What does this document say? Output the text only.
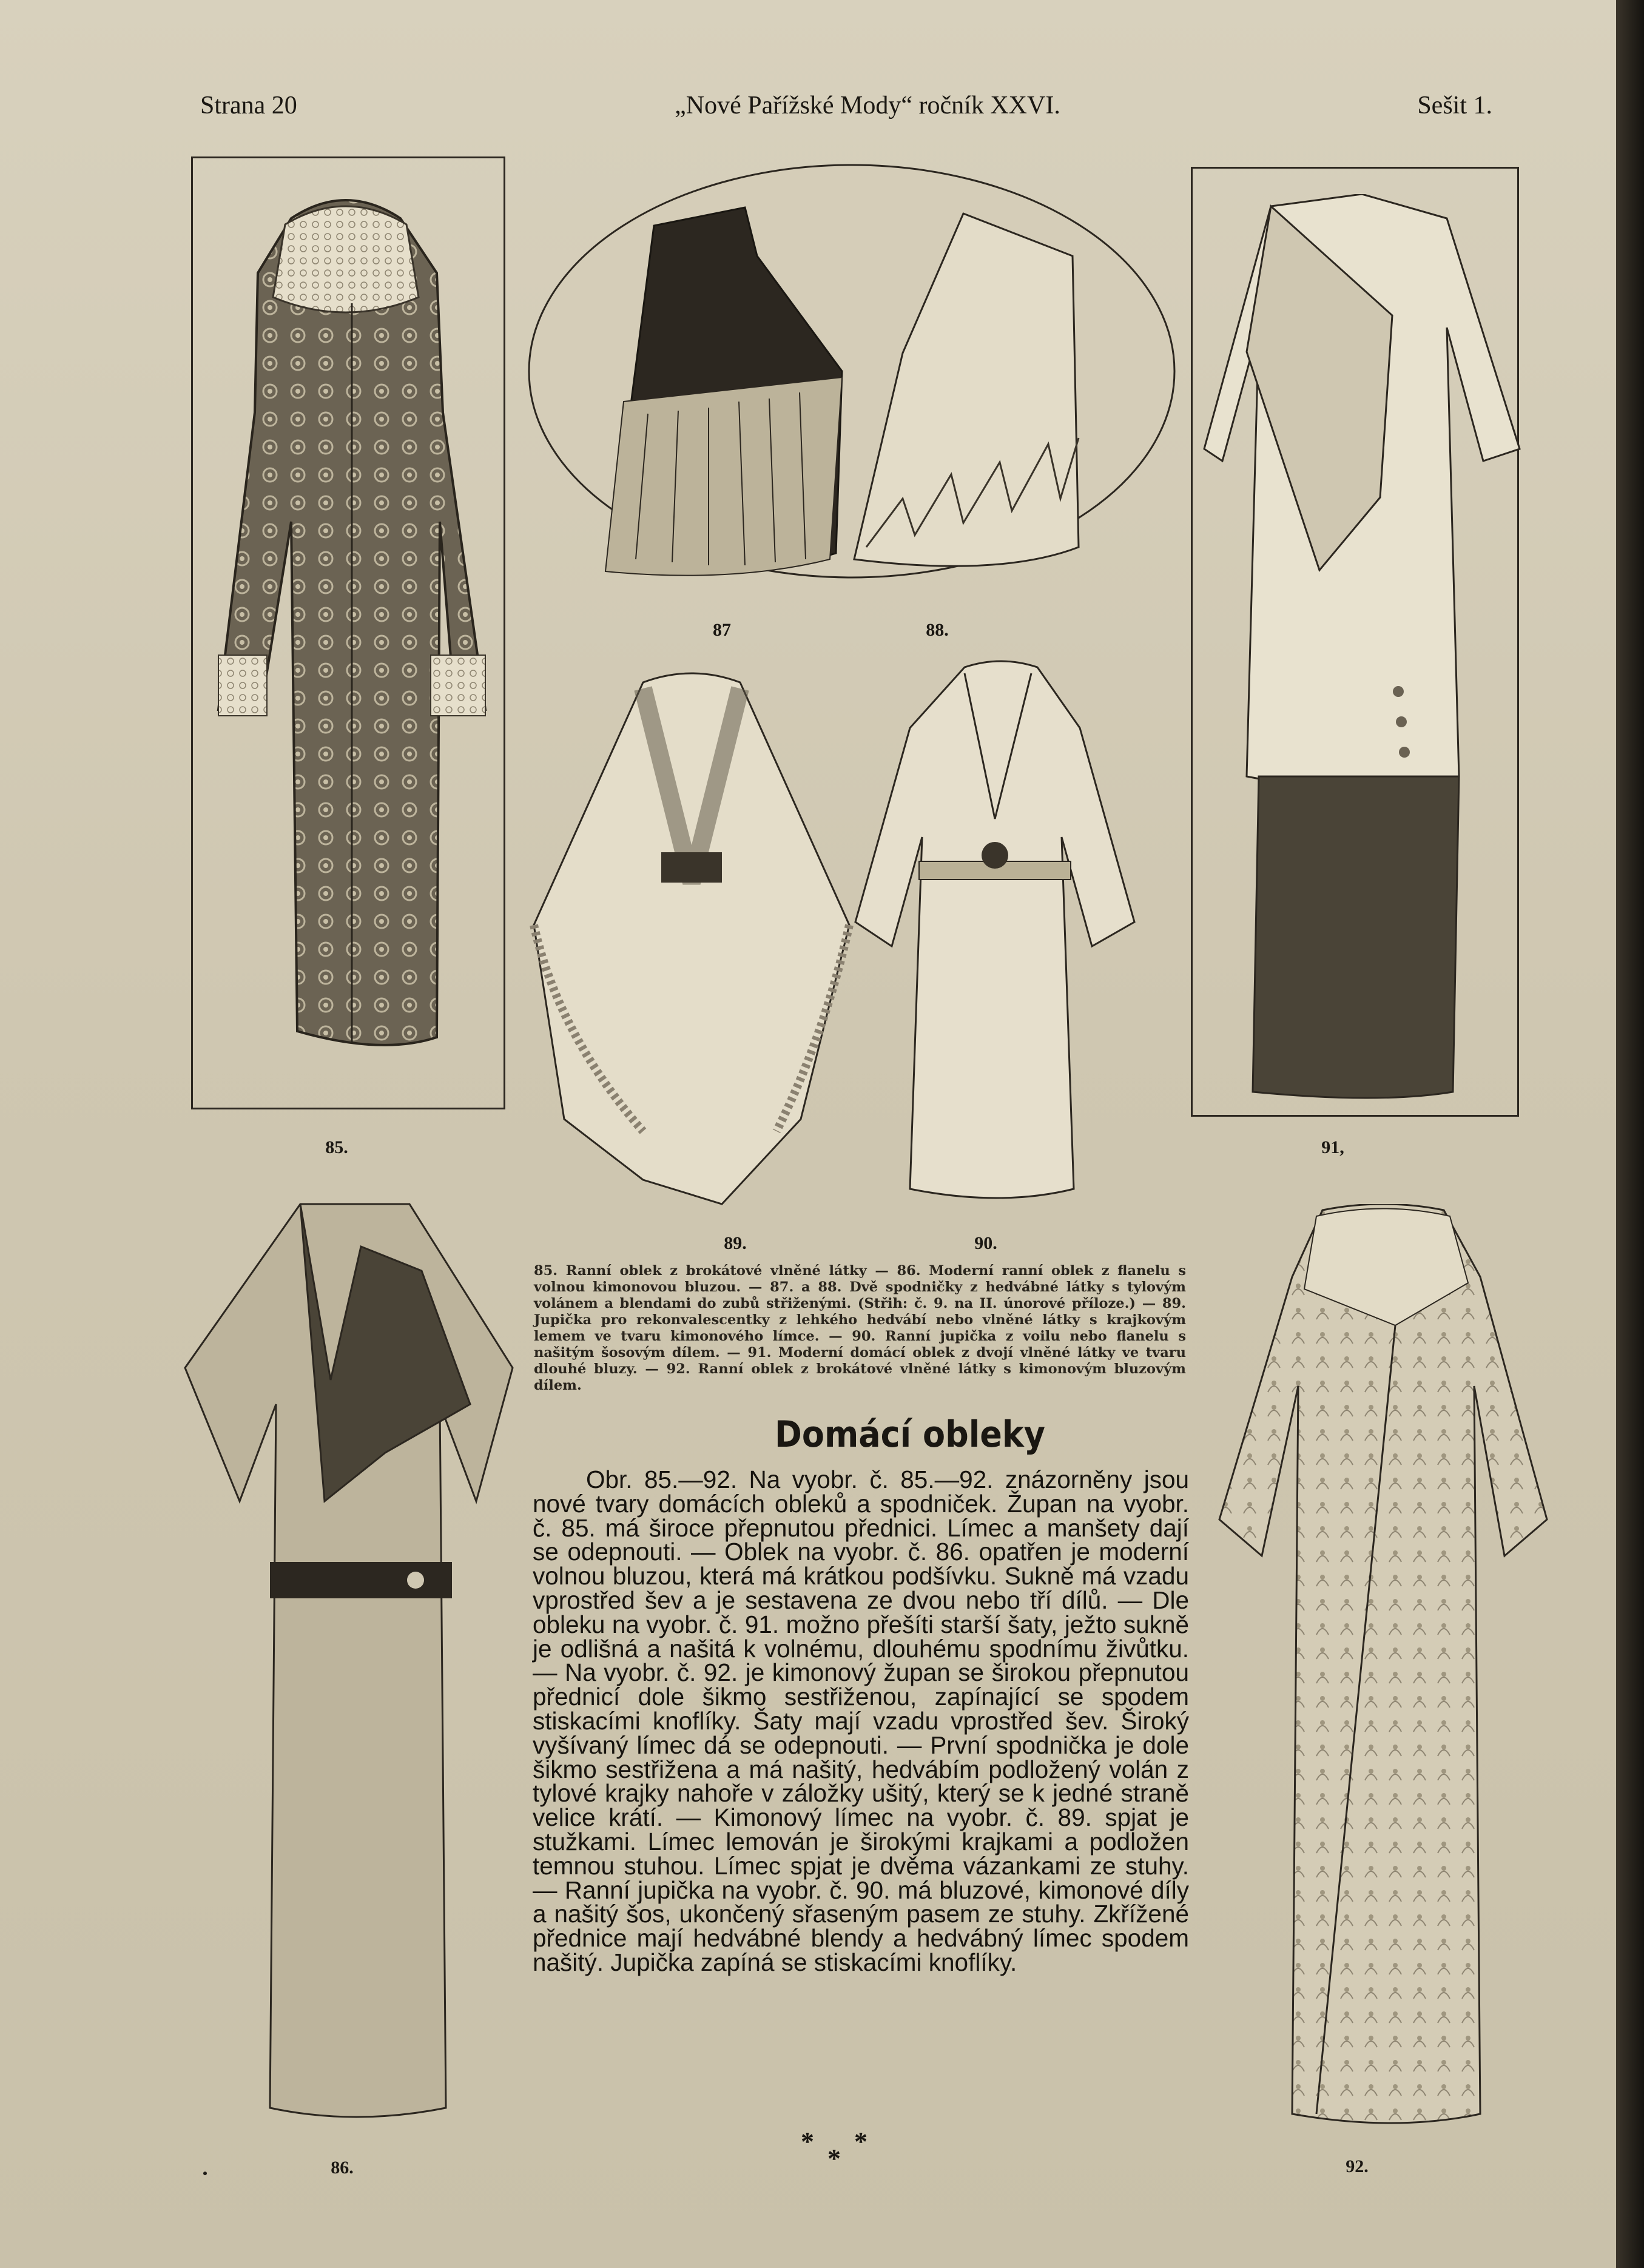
Strana 20	„Nové Pařížské Mody“ ročník XXVI.	Sešit 1.
85.
87	88.
89.	90.
91,
86.	92.
85. Ranní oblek z brokátové vlněné látky — 86. Moderní ranní oblek z flanelu s volnou kimonovou bluzou. — 87. a 88. Dvě spodničky z hedvábné látky s tylovým volánem a blendami do zubů střiženými. (Střih: č. 9. na II. únorové příloze.) — 89. Jupička pro rekonvalescentky z lehkého hedvábí nebo vlněné látky s krajkovým lemem ve tvaru kimonového límce. — 90. Ranní jupička z voilu nebo flanelu s našitým šosovým dílem. — 91. Moderní domácí oblek z dvojí vlněné látky ve tvaru dlouhé bluzy. — 92. Ranní oblek z brokátové vlněné látky s kimonovým bluzovým dílem.
Domácí obleky
Obr. 85.—92. Na vyobr. č. 85.—92. znázorněny jsou nové tvary domácích obleků a spodniček. Župan na vyobr. č. 85. má široce přepnutou přednici. Límec a manšety dají se odepnouti. — Oblek na vyobr. č. 86. opatřen je moderní volnou bluzou, která má krátkou podšívku. Sukně má vzadu vprostřed šev a je sestavena ze dvou nebo tří dílů. — Dle obleku na vyobr. č. 91. možno přešíti starší šaty, ježto sukně je odlišná a našitá k volnému, dlouhému spodnímu živůtku. — Na vyobr. č. 92. je kimonový župan se širokou přepnutou přednicí dole šikmo sestřiženou, zapínající se spodem stiskacími knoflíky. Šaty mají vzadu vprostřed šev. Široký vyšívaný límec dá se odepnouti. — První spodnička je dole šikmo sestřižena a má našitý, hedvábím podložený volán z tylové krajky nahoře v záložky ušitý, který se k jedné straně velice krátí. — Kimonový límec na vyobr. č. 89. spjat je stužkami. Límec lemován je širokými krajkami a podložen temnou stuhou. Límec spjat je dvěma vázankami ze stuhy. — Ranní jupička na vyobr. č. 90. má bluzové, kimonové díly a našitý šos, ukončený sřaseným pasem ze stuhy. Zkřížené přednice mají hedvábné blendy a hedvábný límec spodem našitý. Jupička zapíná se stiskacími knoflíky.
* *
*
